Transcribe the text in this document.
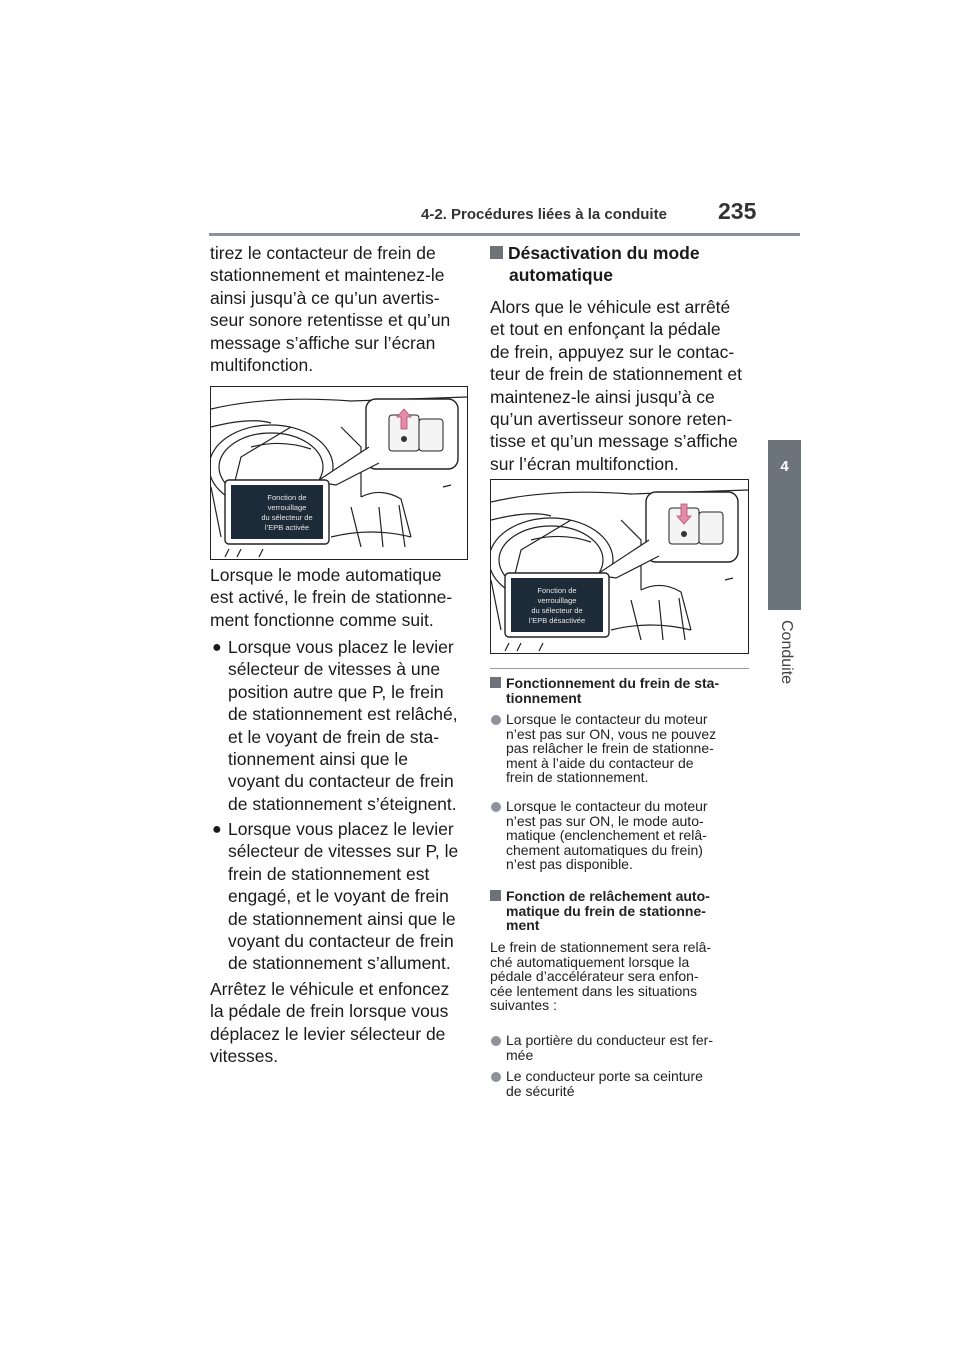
4-2. Procédures liées à la conduite 235
4
Conduite
tirez le contacteur de frein de
stationnement et maintenez-le
ainsi jusqu’à ce qu’un avertis-
seur sonore retentisse et qu’un
message s’affiche sur l’écran
multifonction.
Fonction de
verrouillage
du sélecteur de
l’EPB activée
Lorsque le mode automatique
est activé, le frein de stationne-
ment fonctionne comme suit.
● Lorsque vous placez le levier
sélecteur de vitesses à une
position autre que P, le frein
de stationnement est relâché,
et le voyant de frein de sta-
tionnement ainsi que le
voyant du contacteur de frein
de stationnement s’éteignent.
● Lorsque vous placez le levier
sélecteur de vitesses sur P, le
frein de stationnement est
engagé, et le voyant de frein
de stationnement ainsi que le
voyant du contacteur de frein
de stationnement s’allument.
Arrêtez le véhicule et enfoncez
la pédale de frein lorsque vous
déplacez le levier sélecteur de
vitesses.
Désactivation du mode
automatique
Alors que le véhicule est arrêté
et tout en enfonçant la pédale
de frein, appuyez sur le contac-
teur de frein de stationnement et
maintenez-le ainsi jusqu’à ce
qu’un avertisseur sonore reten-
tisse et qu’un message s’affiche
sur l’écran multifonction.
Fonction de
verrouillage
du sélecteur de
l’EPB désactivée
Fonctionnement du frein de sta-
tionnement
Lorsque le contacteur du moteur
n’est pas sur ON, vous ne pouvez
pas relâcher le frein de stationne-
ment à l’aide du contacteur de
frein de stationnement.
Lorsque le contacteur du moteur
n’est pas sur ON, le mode auto-
matique (enclenchement et relâ-
chement automatiques du frein)
n’est pas disponible.
Fonction de relâchement auto-
matique du frein de stationne-
ment
Le frein de stationnement sera relâ-
ché automatiquement lorsque la
pédale d’accélérateur sera enfon-
cée lentement dans les situations
suivantes :
La portière du conducteur est fer-
mée
Le conducteur porte sa ceinture
de sécurité
